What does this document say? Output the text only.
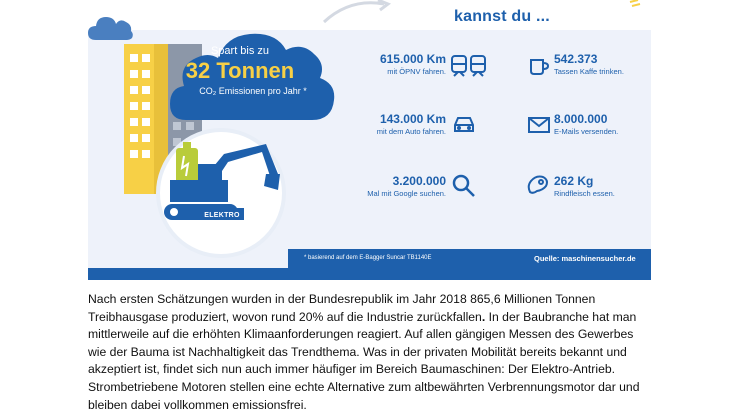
kannst du ...
Spart bis zu
32 Tonnen
CO₂ Emissionen pro Jahr *
ELEKTRO
* basierend auf dem E-Bagger Suncar TB1140E	Quelle: maschinensucher.de
615.000 Km
mit ÖPNV fahren.
542.373
Tassen Kaffe trinken.
143.000 Km
mit dem Auto fahren.
8.000.000
E-Mails versenden.
3.200.000
Mal mit Google suchen.
262 Kg
Rindfleisch essen.

Nach ersten Schätzungen wurden in der Bundesrepublik im Jahr 2018 865,6 Millionen Tonnen Treibhausgase produziert, wovon rund 20% auf die Industrie zurückfallen. In der Baubranche hat man mittlerweile auf die erhöhten Klimaanforderungen reagiert. Auf allen gängigen Messen des Gewerbes wie der Bauma ist Nachhaltigkeit das Trendthema. Was in der privaten Mobilität bereits bekannt und akzeptiert ist, findet sich nun auch immer häufiger im Bereich Baumaschinen: Der Elektro-Antrieb. Strombetriebene Motoren stellen eine echte Alternative zum altbewährten Verbrennungsmotor dar und bleiben dabei vollkommen emissionsfrei.
